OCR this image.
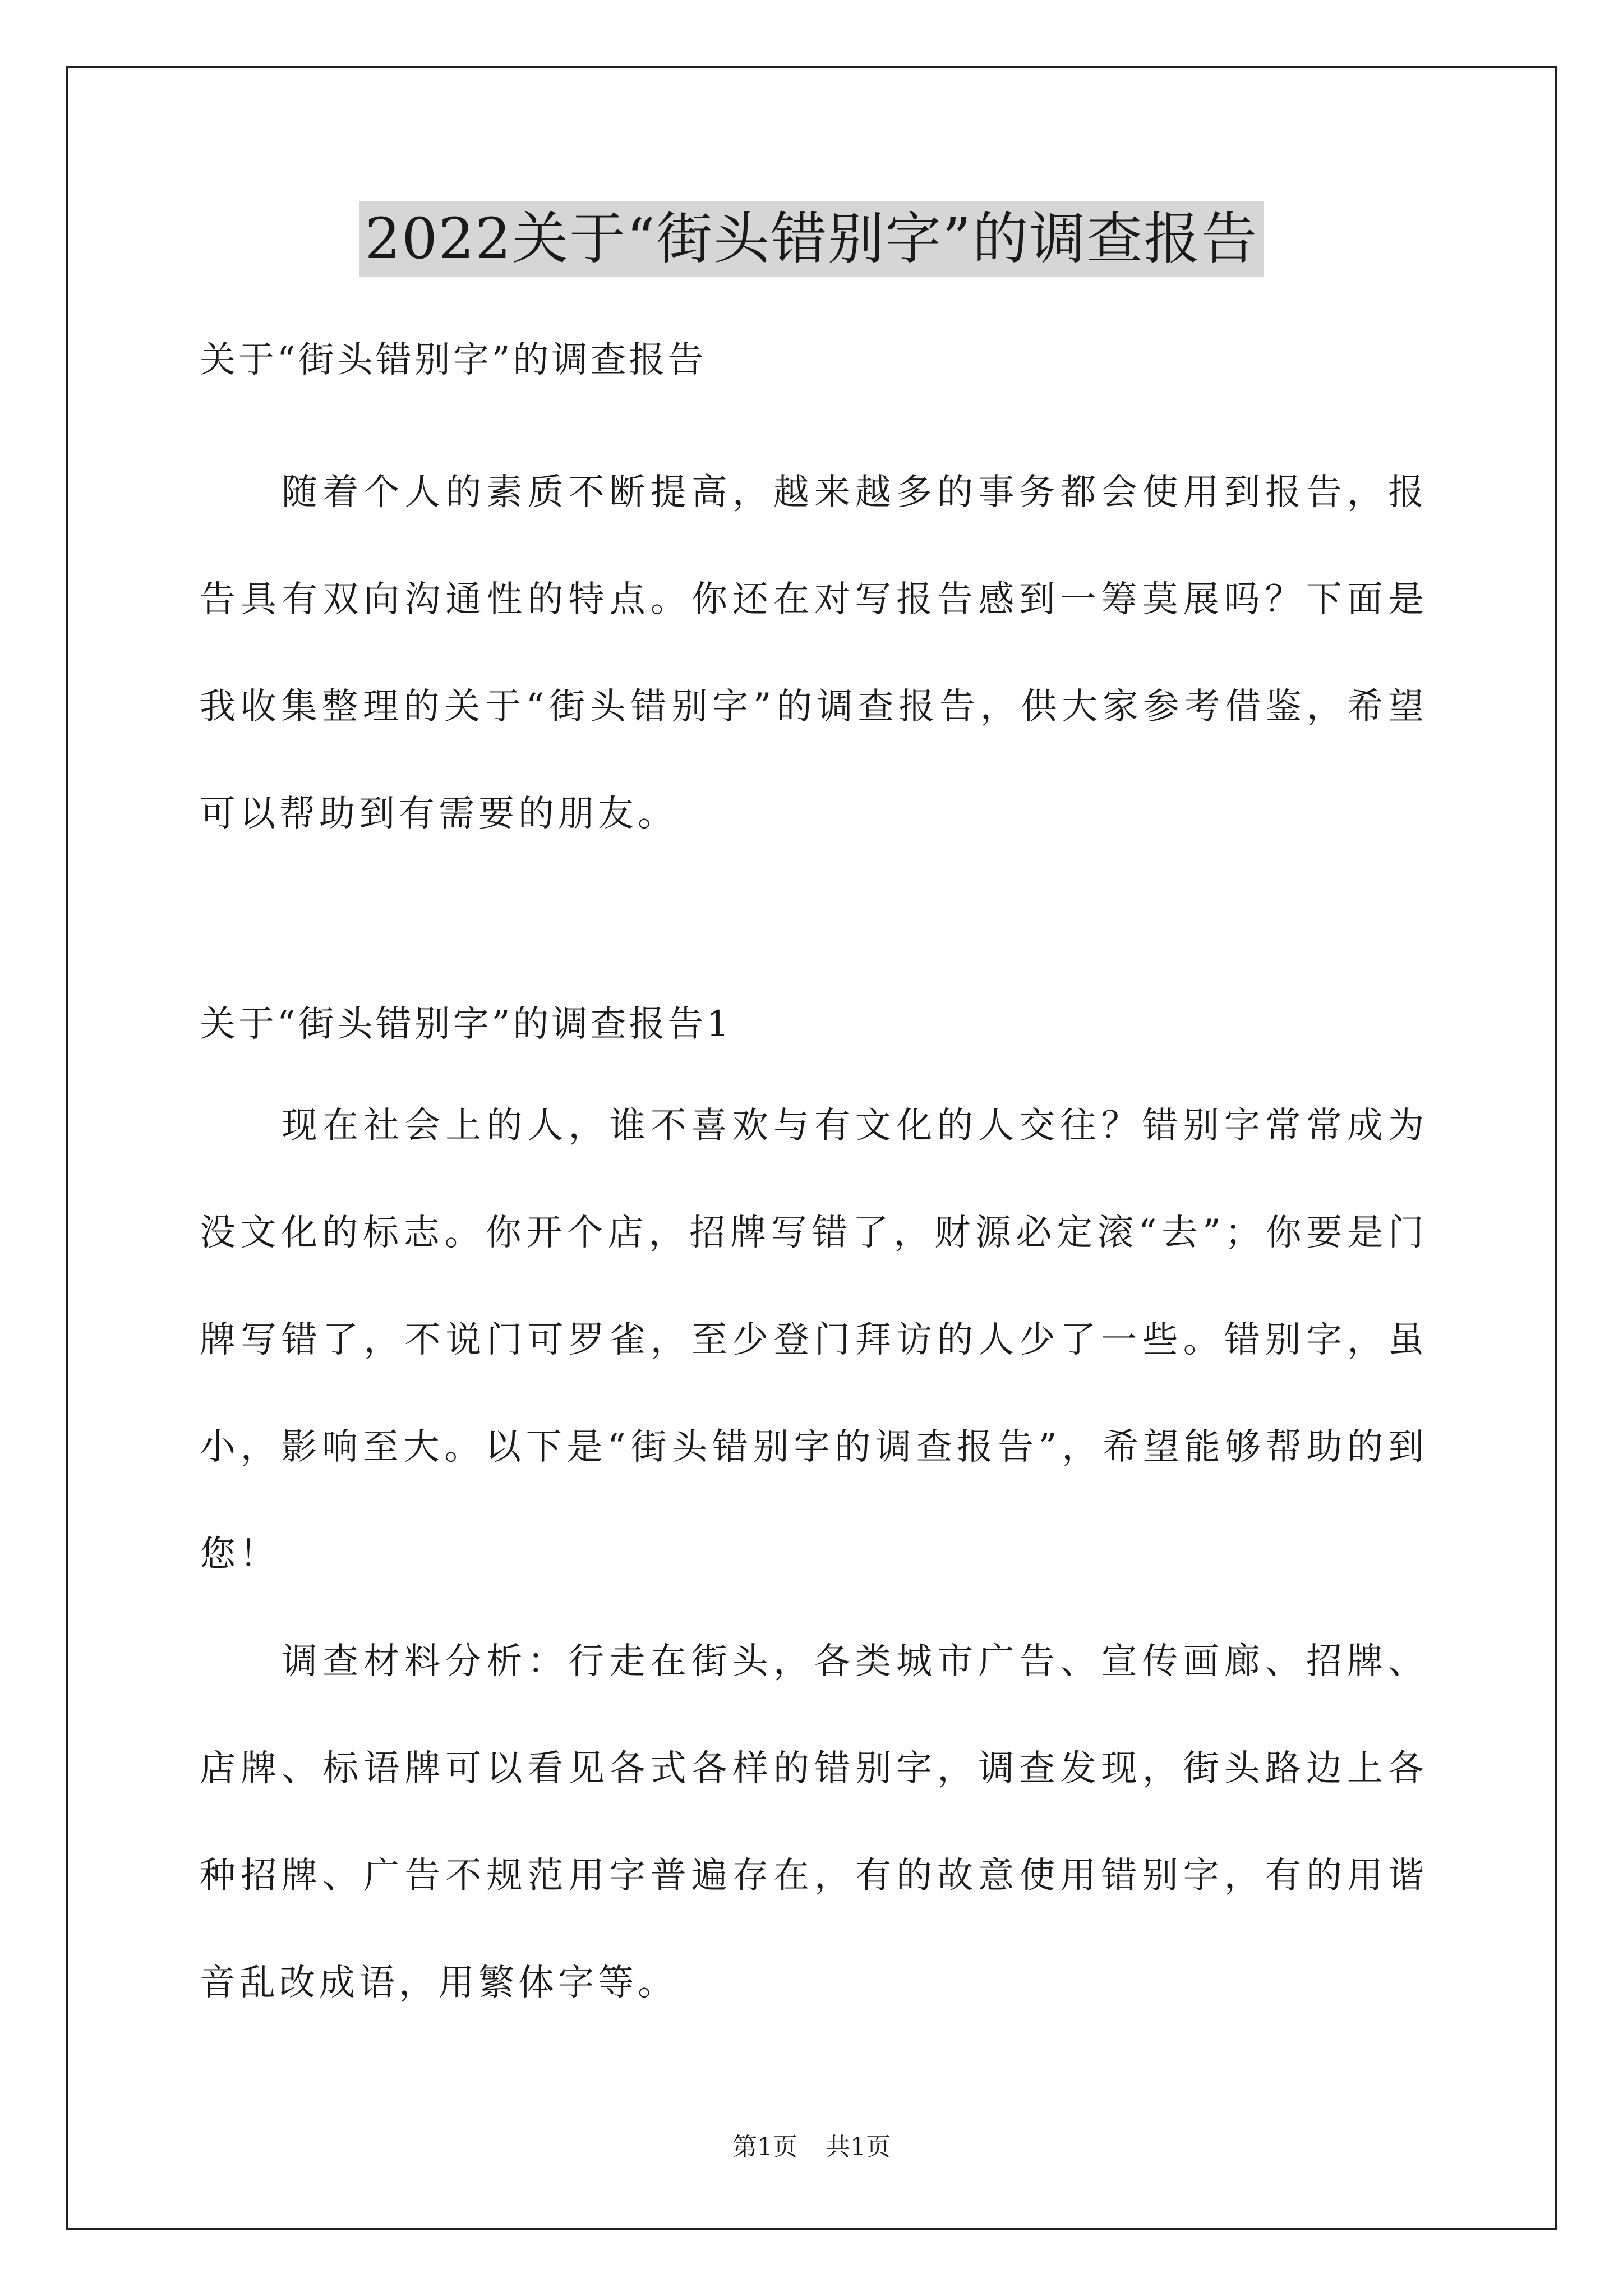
2022关于“街头错别字”的调查报告
关于“街头错别字”的调查报告

随着个人的素质不断提高，越来越多的事务都会使用到报告，报告具有双向沟通性的特点。你还在对写报告感到一筹莫展吗？下面是我收集整理的关于“街头错别字”的调查报告，供大家参考借鉴，希望可以帮助到有需要的朋友。

关于“街头错别字”的调查报告1

现在社会上的人，谁不喜欢与有文化的人交往？错别字常常成为没文化的标志。你开个店，招牌写错了，财源必定滚“去”；你要是门牌写错了，不说门可罗雀，至少登门拜访的人少了一些。错别字，虽小，影响至大。以下是“街头错别字的调查报告”，希望能够帮助的到您！

调查材料分析：行走在街头，各类城市广告、宣传画廊、招牌、店牌、标语牌可以看见各式各样的错别字，调查发现，街头路边上各种招牌、广告不规范用字普遍存在，有的故意使用错别字，有的用谐音乱改成语，用繁体字等。

第1页 共1页
